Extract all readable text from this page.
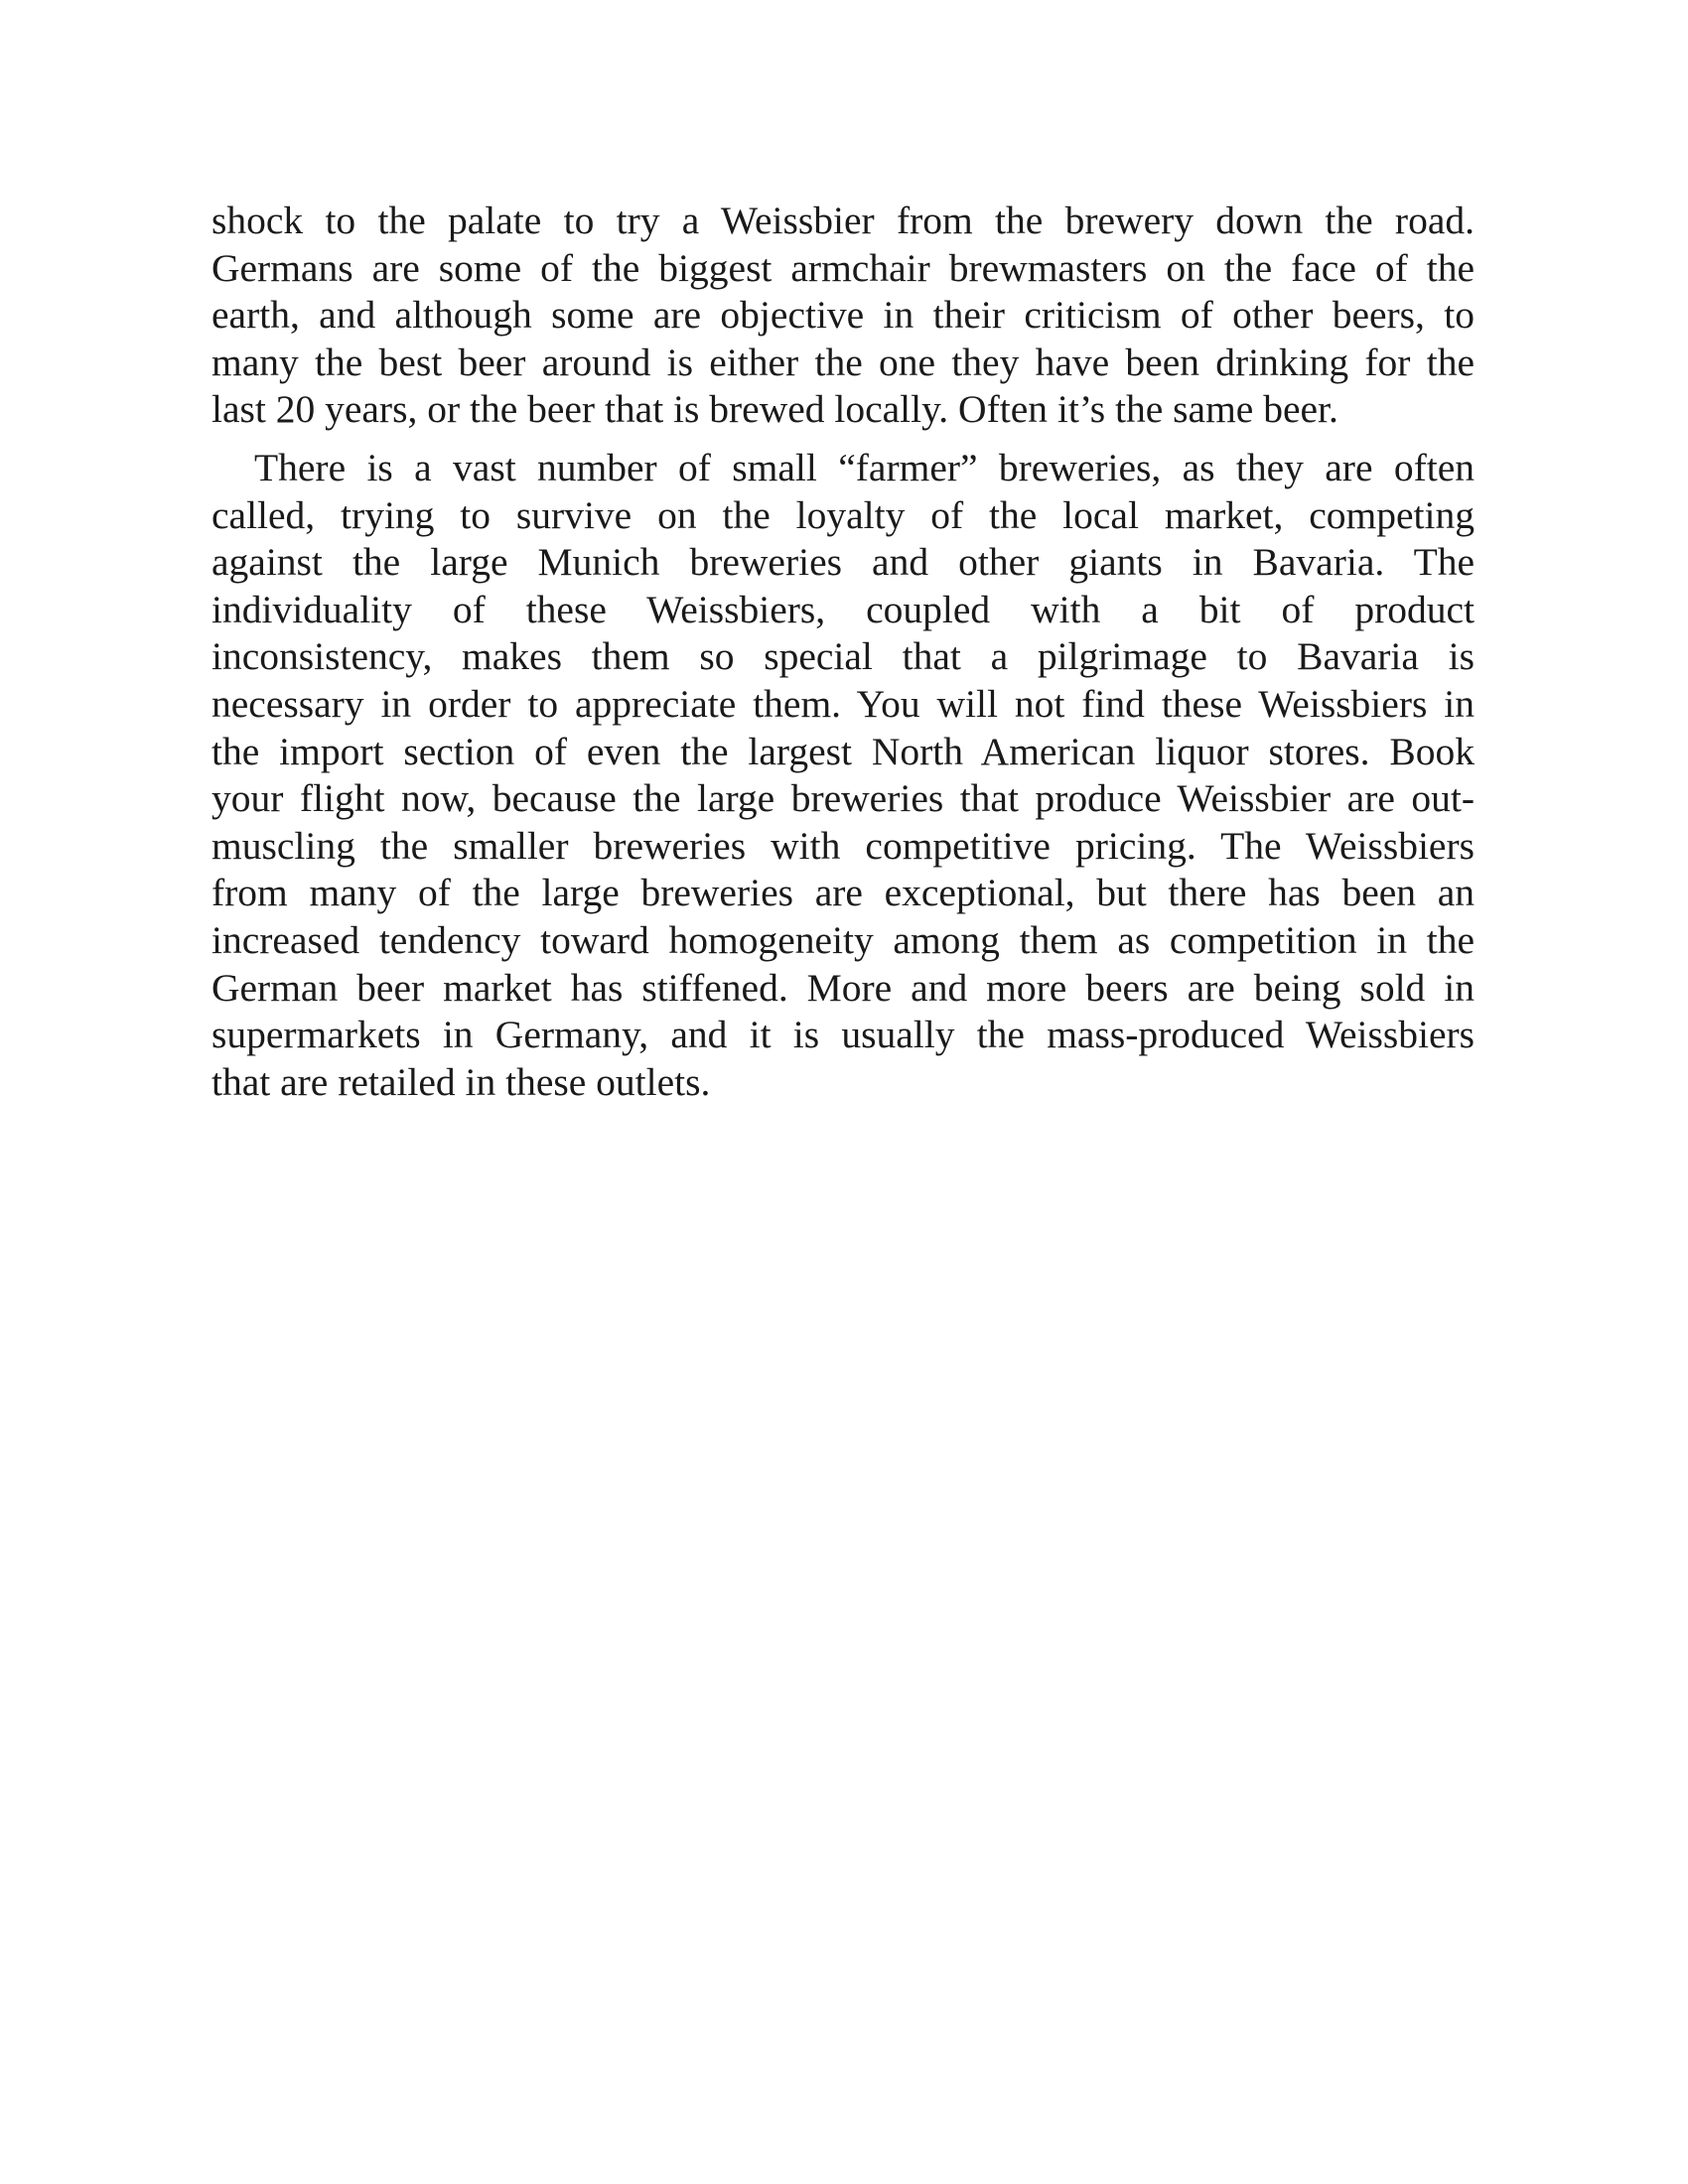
shock to the palate to try a Weissbier from the brewery down the road.
Germans are some of the biggest armchair brewmasters on the face of the
earth, and although some are objective in their criticism of other beers, to
many the best beer around is either the one they have been drinking for the
last 20 years, or the beer that is brewed locally. Often it’s the same beer.
There is a vast number of small “farmer” breweries, as they are often
called, trying to survive on the loyalty of the local market, competing
against the large Munich breweries and other giants in Bavaria. The
individuality of these Weissbiers, coupled with a bit of product
inconsistency, makes them so special that a pilgrimage to Bavaria is
necessary in order to appreciate them. You will not find these Weissbiers in
the import section of even the largest North American liquor stores. Book
your flight now, because the large breweries that produce Weissbier are out-
muscling the smaller breweries with competitive pricing. The Weissbiers
from many of the large breweries are exceptional, but there has been an
increased tendency toward homogeneity among them as competition in the
German beer market has stiffened. More and more beers are being sold in
supermarkets in Germany, and it is usually the mass-produced Weissbiers
that are retailed in these outlets.
